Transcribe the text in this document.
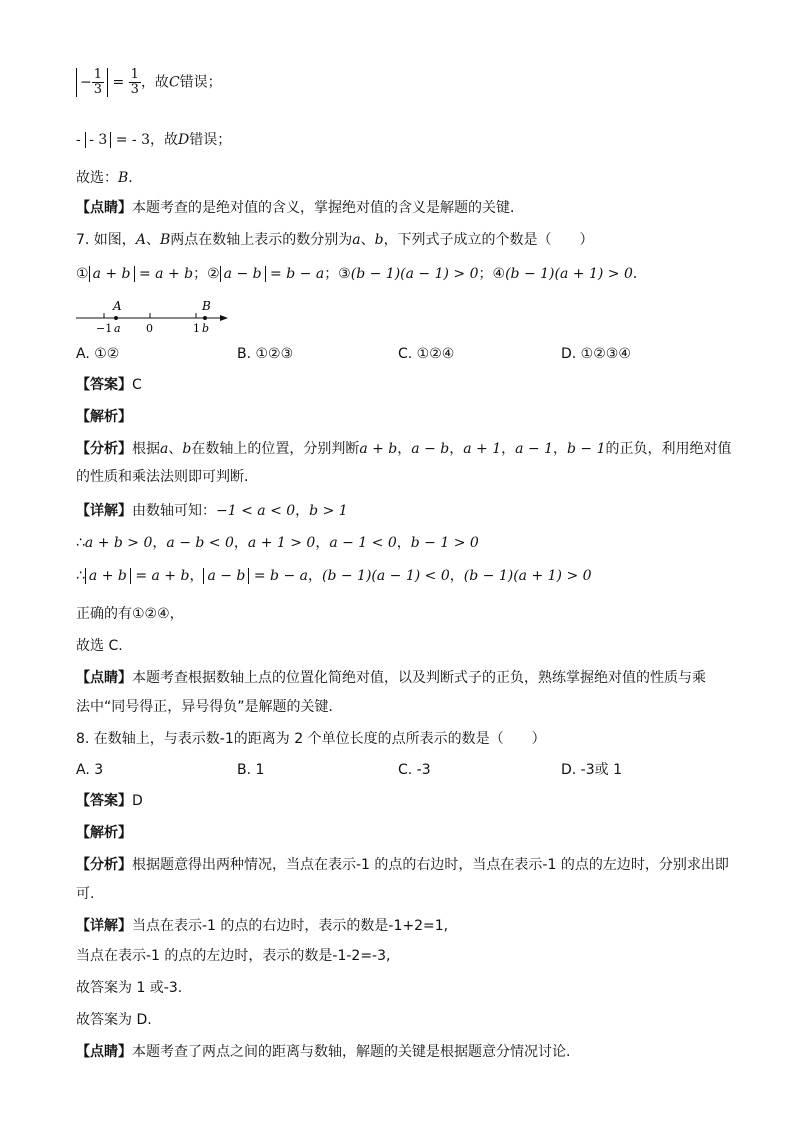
− $\frac{1}{3} = \frac{1}{3}$ ，故C错误；
- - 3 = - 3，故D错误；
故选：B.
【点睛】本题考查的是绝对值的含义，掌握绝对值的含义是解题的关键．
7. 如图，A、B两点在数轴上表示的数分别为a、b，下列式子成立的个数是（　　）
① a + b = a + b；② a − b = b − a；③(b − 1)(a − 1) > 0；④(b − 1)(a + 1) > 0．
A	B
−1 a 0	1 b
A. ①②	B. ①②③	C. ①②④	D. ①②③④
【答案】C
【解析】
【分析】根据a、b在数轴上的位置，分别判断a + b，a − b，a + 1，a − 1，b − 1的正负，利用绝对值
的性质和乘法法则即可判断．
【详解】由数轴可知：−1 < a < 0，b > 1
∴a + b > 0，a − b < 0，a + 1 > 0，a − 1 < 0，b − 1 > 0
∴ a + b = a + b， a − b = b − a，(b − 1)(a − 1) < 0，(b − 1)(a + 1) > 0
正确的有①②④，
故选 C.
【点睛】本题考查根据数轴上点的位置化简绝对值，以及判断式子的正负，熟练掌握绝对值的性质与乘
法中“同号得正，异号得负”是解题的关键．
8. 在数轴上，与表示数-1的距离为 2 个单位长度的点所表示的数是（　　）
A. 3	B. 1	C. -3	D. -3或 1
【答案】D
【解析】
【分析】根据题意得出两种情况，当点在表示-1 的点的右边时，当点在表示-1 的点的左边时，分别求出即
可.
【详解】当点在表示-1 的点的右边时，表示的数是-1+2=1,
当点在表示-1 的点的左边时，表示的数是-1-2=-3,
故答案为 1 或-3.
故答案为 D.
【点睛】本题考查了两点之间的距离与数轴，解题的关键是根据题意分情况讨论.
